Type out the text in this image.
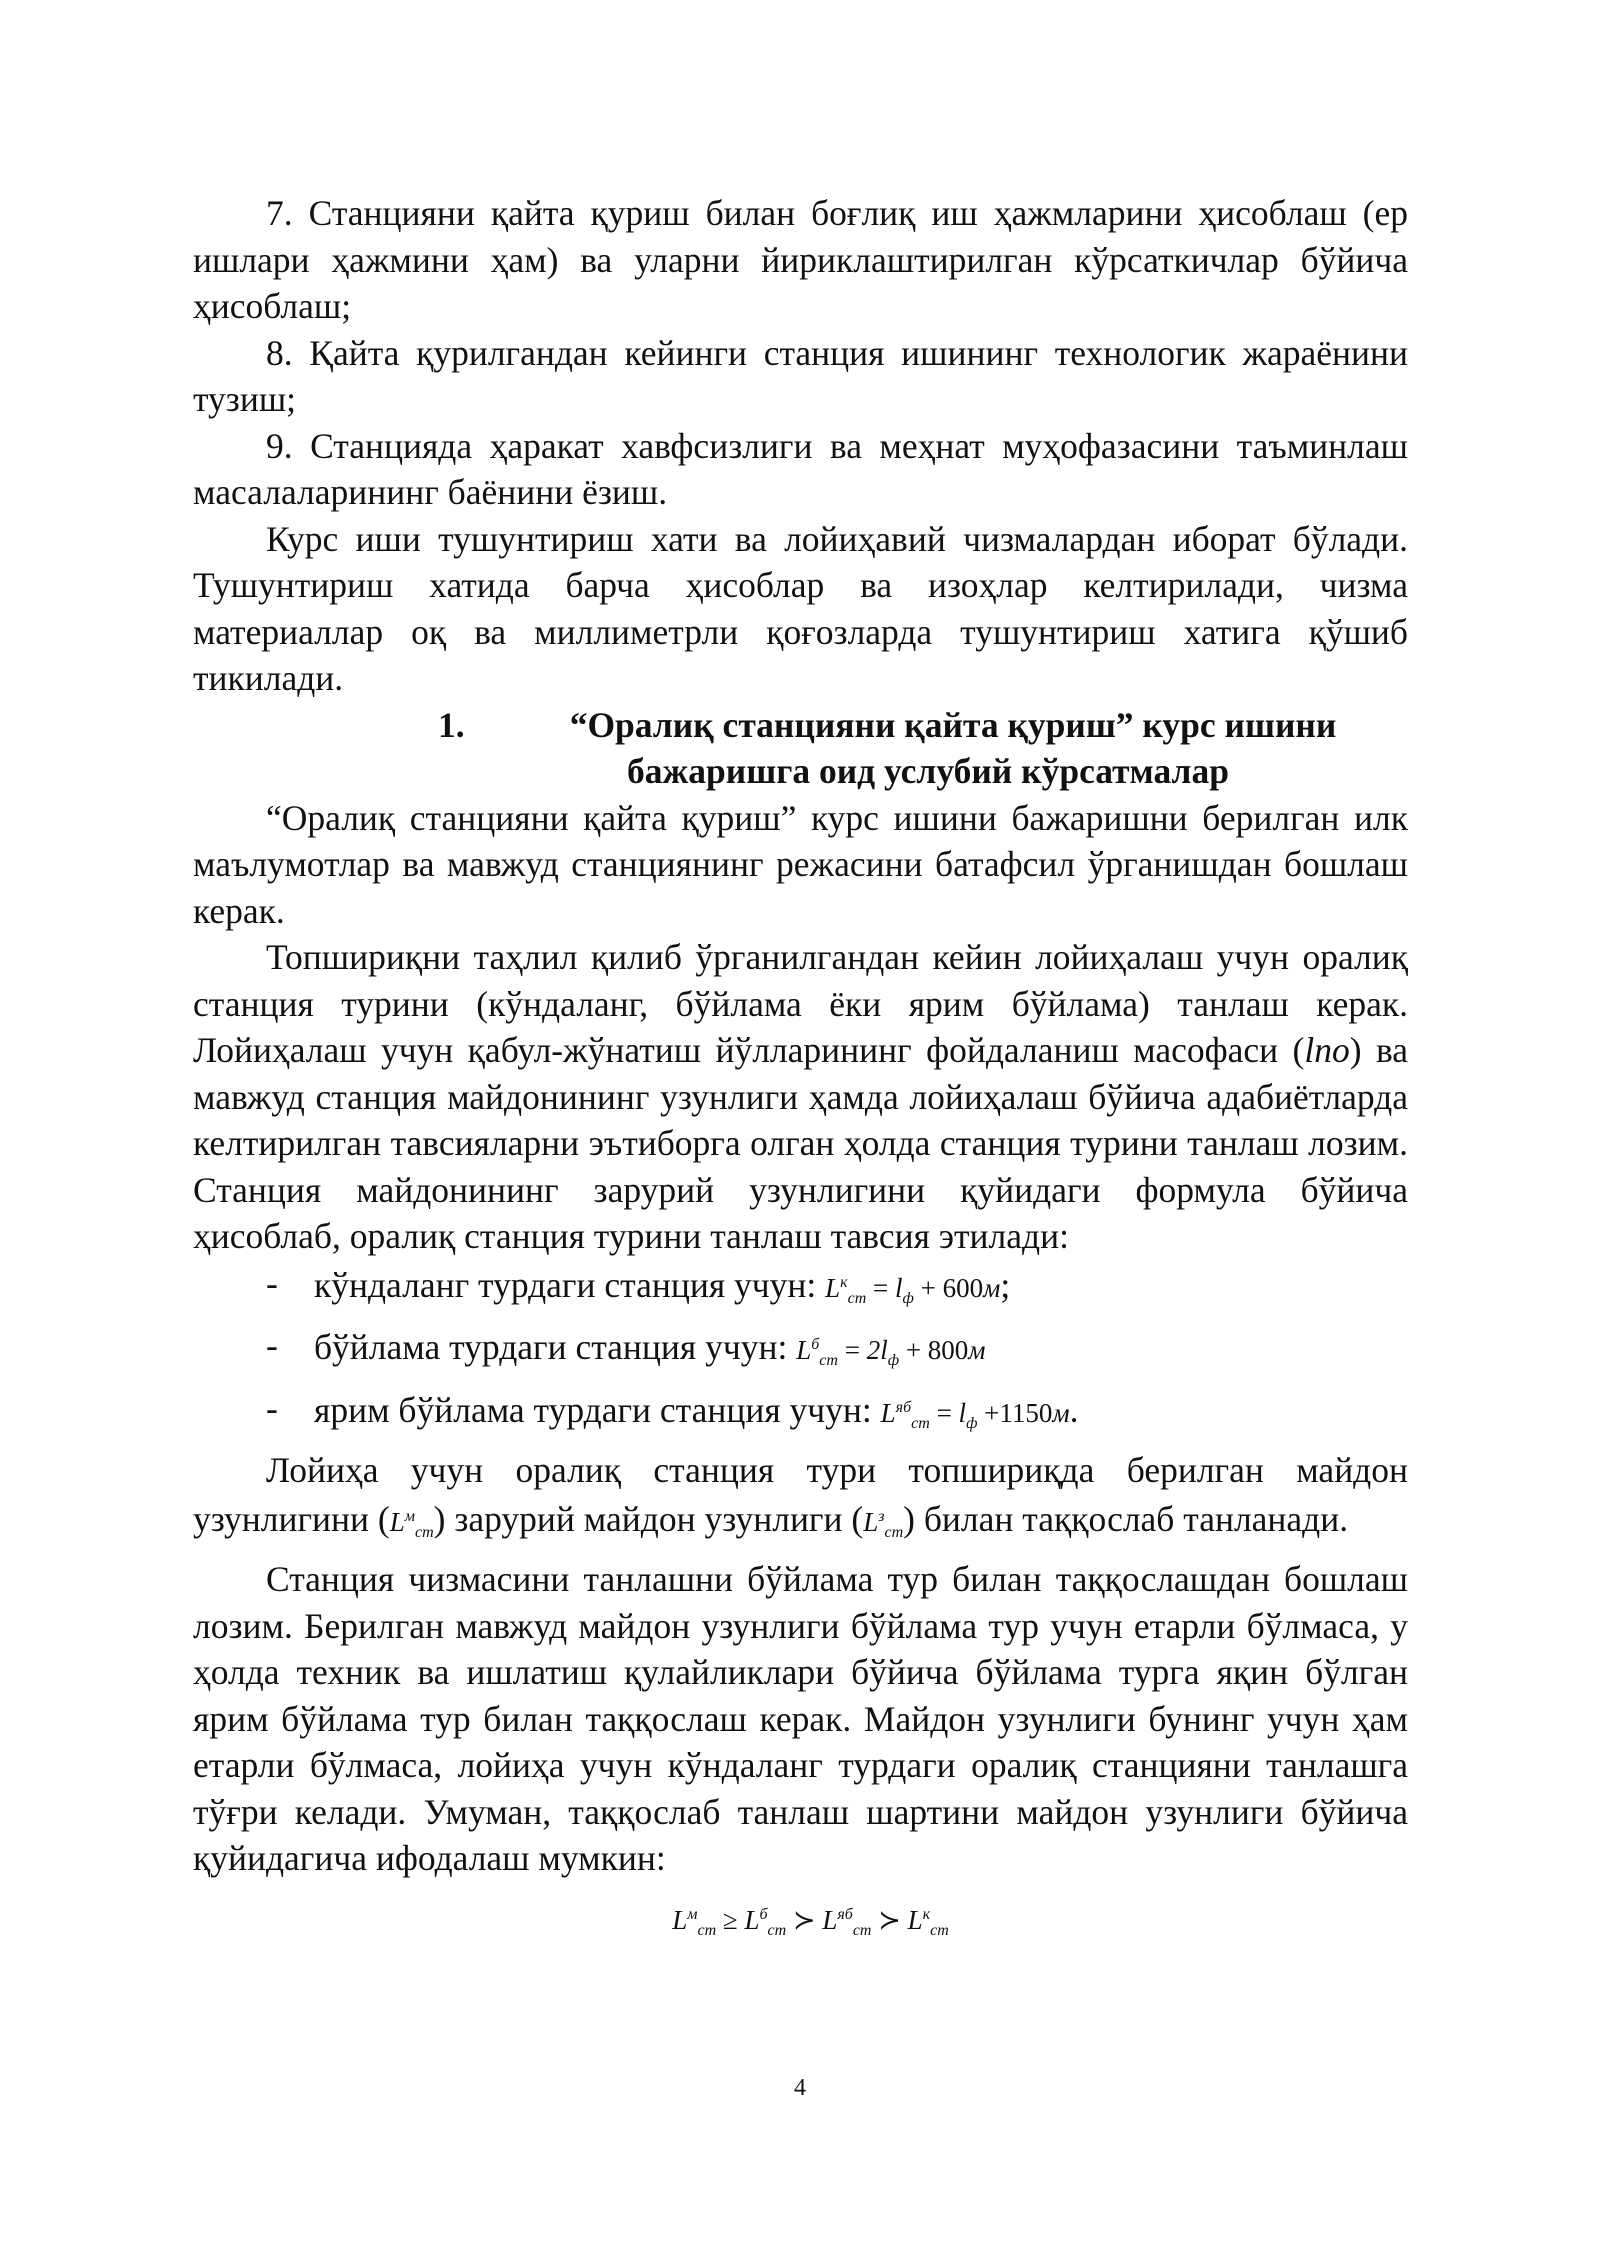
7. Станцияни қайта қуриш билан боғлиқ иш ҳажмларини ҳисоблаш (ер ишлари ҳажмини ҳам) ва уларни йириклаштирилган кўрсаткичлар бўйича ҳисоблаш;

8. Қайта қурилгандан кейинги станция ишининг технологик жараёнини тузиш;

9. Станцияда ҳаракат хавфсизлиги ва меҳнат муҳофазасини таъминлаш масалаларининг баёнини ёзиш.

Курс иши тушунтириш хати ва лойиҳавий чизмалардан иборат бўлади. Тушунтириш хатида барча ҳисоблар ва изоҳлар келтирилади, чизма материаллар оқ ва миллиметрли қоғозларда тушунтириш хатига қўшиб тикилади.

1.	“Оралиқ станцияни қайта қуриш” курс ишини
бажаришга оид услубий кўрсатмалар

“Оралиқ станцияни қайта қуриш” курс ишини бажаришни берилган илк маълумотлар ва мавжуд станциянинг режасини батафсил ўрганишдан бошлаш керак.

Топшириқни таҳлил қилиб ўрганилгандан кейин лойиҳалаш учун оралиқ станция турини (кўндаланг, бўйлама ёки ярим бўйлама) танлаш керак. Лойиҳалаш учун қабул-жўнатиш йўлларининг фойдаланиш масофаси (lпо) ва мавжуд станция майдонининг узунлиги ҳамда лойиҳалаш бўйича адабиётларда келтирилган тавсияларни эътиборга олган ҳолда станция турини танлаш лозим. Станция майдонининг зарурий узунлигини қуйидаги формула бўйича ҳисоблаб, оралиқ станция турини танлаш тавсия этилади:

- кўндаланг турдаги станция учун: $L^к_{ст} = l_ф + 600м$;

- бўйлама турдаги станция учун: $L^б_{ст} = 2l_ф + 800м$

- ярим бўйлама турдаги станция учун: $L^{яб}_{ст} = l_ф +1150м$.

Лойиҳа учун оралиқ станция тури топшириқда берилган майдон узунлигини $(L^м_{ст})$ зарурий майдон узунлиги $(L^з_{ст})$ билан таққослаб танланади.

Станция чизмасини танлашни бўйлама тур билан таққослашдан бошлаш лозим. Берилган мавжуд майдон узунлиги бўйлама тур учун етарли бўлмаса, у ҳолда техник ва ишлатиш қулайликлари бўйича бўйлама турга яқин бўлган ярим бўйлама тур билан таққослаш керак. Майдон узунлиги бунинг учун ҳам етарли бўлмаса, лойиҳа учун кўндаланг турдаги оралиқ станцияни танлашга тўғри келади. Умуман, таққослаб танлаш шартини майдон узунлиги бўйича қуйидагича ифодалаш мумкин:

$L^м_{ст} \ge L^б_{ст}$ ≻ $L^{яб}_{ст}$ ≻ $L^к_{ст}$
4
